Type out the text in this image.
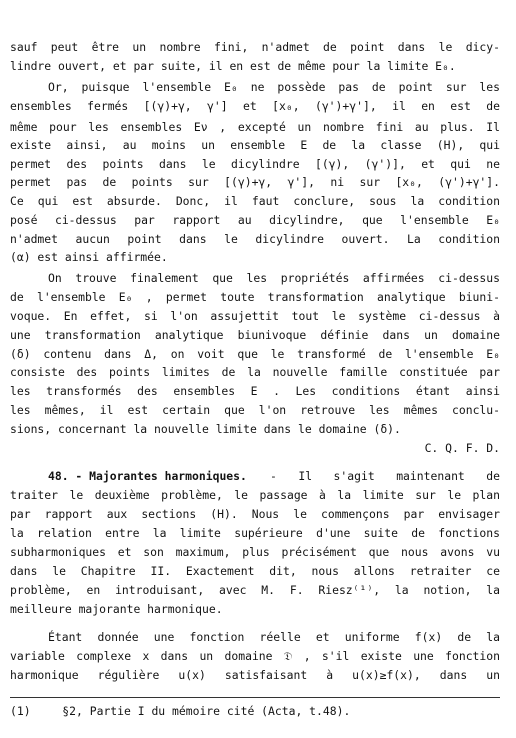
sauf peut être un nombre fini, n'admet de point dans le dicy-
lindre ouvert, et par suite, il en est de même pour la limite E₀.
Or, puisque l'ensemble E₀ ne possède pas de point sur les
ensembles fermés [(γ)+γ, γ'] et [x₀, (γ')+γ'], il en est de
même pour les ensembles Eν , excepté un nombre fini au plus. Il
existe ainsi, au moins un ensemble E de la classe (H), qui
permet des points dans le dicylindre [(γ), (γ')], et qui ne
permet pas de points sur [(γ)+γ, γ'], ni sur [x₀, (γ')+γ'].
Ce qui est absurde. Donc, il faut conclure, sous la condition
posé ci-dessus par rapport au dicylindre, que l'ensemble E₀
n'admet aucun point dans le dicylindre ouvert. La condition
(α) est ainsi affirmée.
On trouve finalement que les propriétés affirmées ci-dessus
de l'ensemble E₀ , permet toute transformation analytique biuni-
voque. En effet, si l'on assujettit tout le système ci-dessus à
une transformation analytique biunivoque définie dans un domaine
(δ) contenu dans Δ, on voit que le transformé de l'ensemble E₀
consiste des points limites de la nouvelle famille constituée par
les transformés des ensembles E . Les conditions étant ainsi
les mêmes, il est certain que l'on retrouve les mêmes conclu-
sions, concernant la nouvelle limite dans le domaine (δ).
C. Q. F. D.
48. - Majorantes harmoniques. - Il s'agit maintenant de
traiter le deuxième problème, le passage à la limite sur le plan
par rapport aux sections (H). Nous le commençons par envisager
la relation entre la limite supérieure d'une suite de fonctions
subharmoniques et son maximum, plus précisément que nous avons vu
dans le Chapitre II. Exactement dit, nous allons retraiter ce
problème, en introduisant, avec M. F. Riesz⁽¹⁾, la notion, la
meilleure majorante harmonique.
Étant donnée une fonction réelle et uniforme f(x) de la
variable complexe x dans un domaine 𝔇 , s'il existe une fonction
harmonique régulière u(x) satisfaisant à u(x)≥f(x), dans un
(1)	§2, Partie I du mémoire cité (Acta, t.48).
